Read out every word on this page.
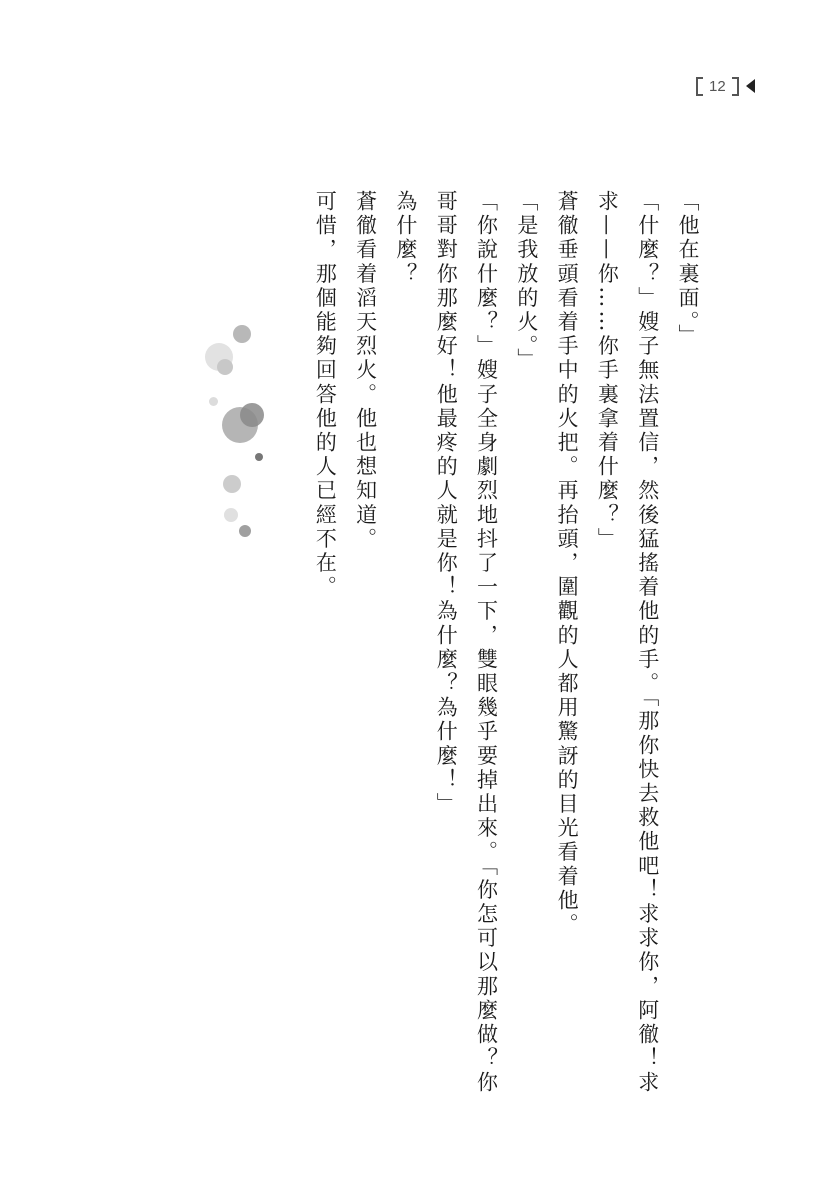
12

「他在裏面。」

「什麼？」嫂子無法置信，然後猛搖着他的手。「那你快去救他吧！求求你，阿徹！求求——你……你手裏拿着什麼？」

蒼徹垂頭看着手中的火把。再抬頭，圍觀的人都用驚訝的目光看着他。

「是我放的火。」

「你說什麼？」嫂子全身劇烈地抖了一下，雙眼幾乎要掉出來。「你怎可以那麼做？你哥哥對你那麼好！他最疼的人就是你！為什麼？為什麼！」

為什麼？

蒼徹看着滔天烈火。他也想知道。

可惜，那個能夠回答他的人已經不在。
